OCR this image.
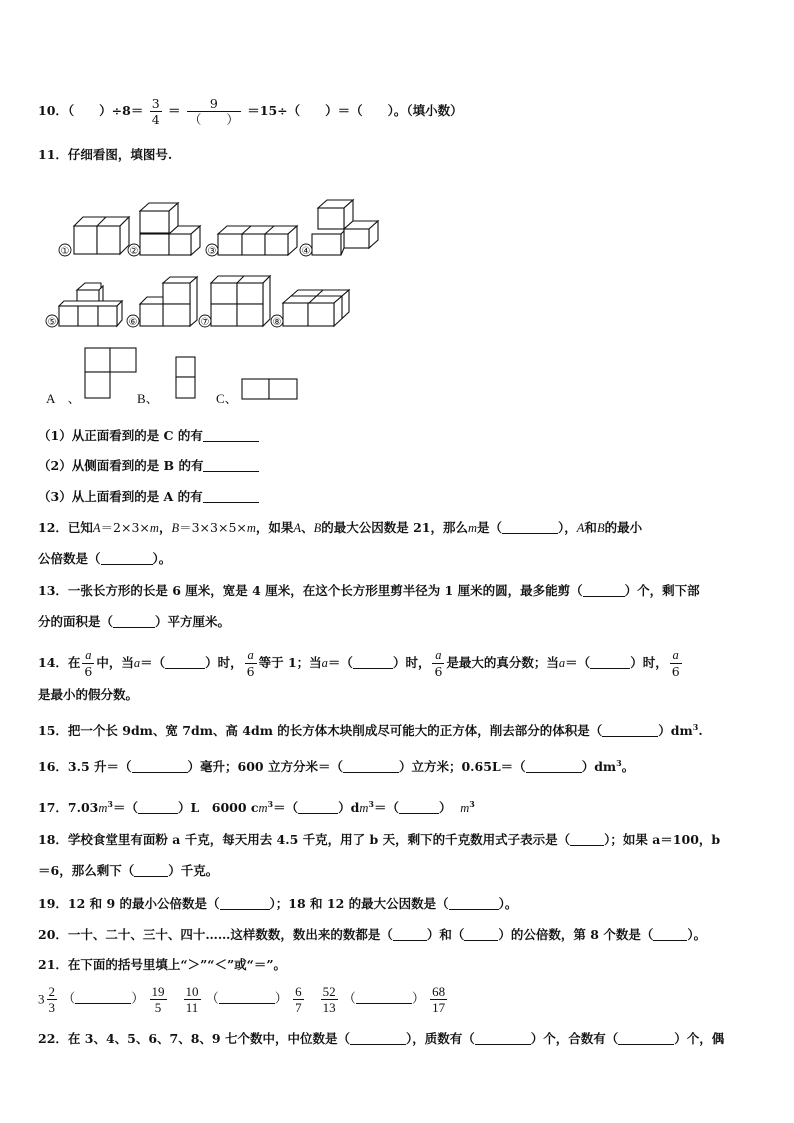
10．（　　）$\div 8= \frac{3}{4} = \frac{9}{( )} =15\div$（　　）＝（　　）。（填小数）
11．仔细看图，填图号.
①	②	③	④
⑤	⑥	⑦	⑧
A　、	B、	C、
（1）从正面看到的是 C 的有
（2）从侧面看到的是 B 的有
（3）从上面看到的是 A 的有
12．已知A＝2×3×m，B＝3×3×5×m，如果A、B的最大公因数是 21，那么m是（	），A和B的最小
公倍数是（	）。
13．一张长方形的长是 6 厘米，宽是 4 厘米，在这个长方形里剪半径为 1 厘米的圆，最多能剪（	）个，剩下部
分的面积是（	）平方厘米。
14．在 $\frac{a}{6}$ 中，当a＝（	）时， $\frac{a}{6}$ 等于 1；当a＝（	）时， $\frac{a}{6}$ 是最大的真分数；当a＝（	）时， $\frac{a}{6}$
是最小的假分数。
15．把一个长 9dm、宽 7dm、高 4dm 的长方体木块削成尽可能大的正方体，削去部分的体积是（	）$dm^3$.
16．3.5 升＝（	）毫升；600 立方分米＝（	）立方米；0.65L＝（	）$dm^3$。
17．$7.03m^3=$（	）L　6000 $cm^3=$（	）$dm^3=$（	） $m^3$
18．学校食堂里有面粉 a 千克，每天用去 4.5 千克，用了 b 天，剩下的千克数用式子表示是（	）；如果 a＝100，b
＝6，那么剩下（	）千克。
19．12 和 9 的最小公倍数是（	）；18 和 12 的最大公因数是（	）。
20．一十、二十、三十、四十……这样数数，数出来的数都是（	）和（	）的公倍数，第 8 个数是（	）。
21．在下面的括号里填上“＞”“＜”或“＝”。
$3 \frac{2}{3}$ （	） $\frac{19}{5}$
$\frac{10}{11}$ （	） $\frac{6}{7}$
$\frac{52}{13}$ （	） $\frac{68}{17}$
22．在 3、4、5、6、7、8、9 七个数中，中位数是（	），质数有（	）个，合数有（	）个，偶
